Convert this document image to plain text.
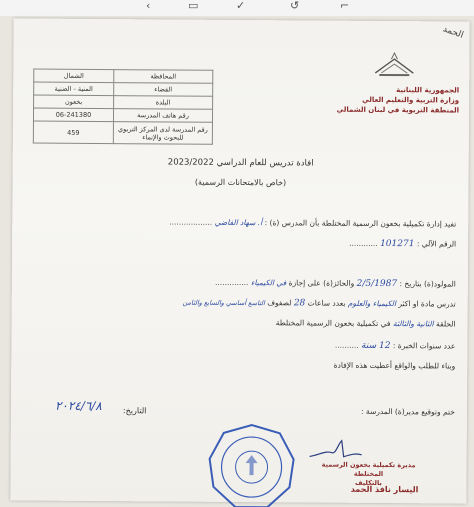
‹	▭	✓	↺	⌐
الحمد
المحافظة	الشمال
القضاء	المنية - الضنية
البلدة	بخعون
رقم هاتف المدرسة	06-241380
رقم المدرسة لدى المركز التربوي للبحوث والإنماء	459
الجمهورية اللبنانية
وزارة التربية والتعليم العالي
المنطقة التربوية في لبنان الشمالي
افادة تدريس للعام الدراسي 2023/2022
(خاص بالامتحانات الرسمية)
تفيد إدارة تكميلية بخعون الرسمية المختلطة بأن المدرس (ة) : أ. سهاد الفاضي ..................
الرقم الآلي : 101271 ............
المولود(ة) بتاريخ : 2/5/1987 والحائز(ة) على إجازة في الكيمياء ..............
تدرس مادة او اكثر الكيمياء والعلوم بعدد ساعات 28 لصفوف التاسع أساسي والسابع والثامن
الحلقة الثانية والثالثة في تكميلية بخعون الرسمية المختلطة
عدد سنوات الخبرة : 12 سنة ..........
وبناء للطلب والواقع أعطيت هذه الإفادة
ختم وتوقيع مدير(ة) المدرسة :
التاريخ:
٢٠٢٤/٦/٨
مديرة تكميلية بخعون الرسمية المختلطة
بالتكليف
اليسار نافذ الحمد
